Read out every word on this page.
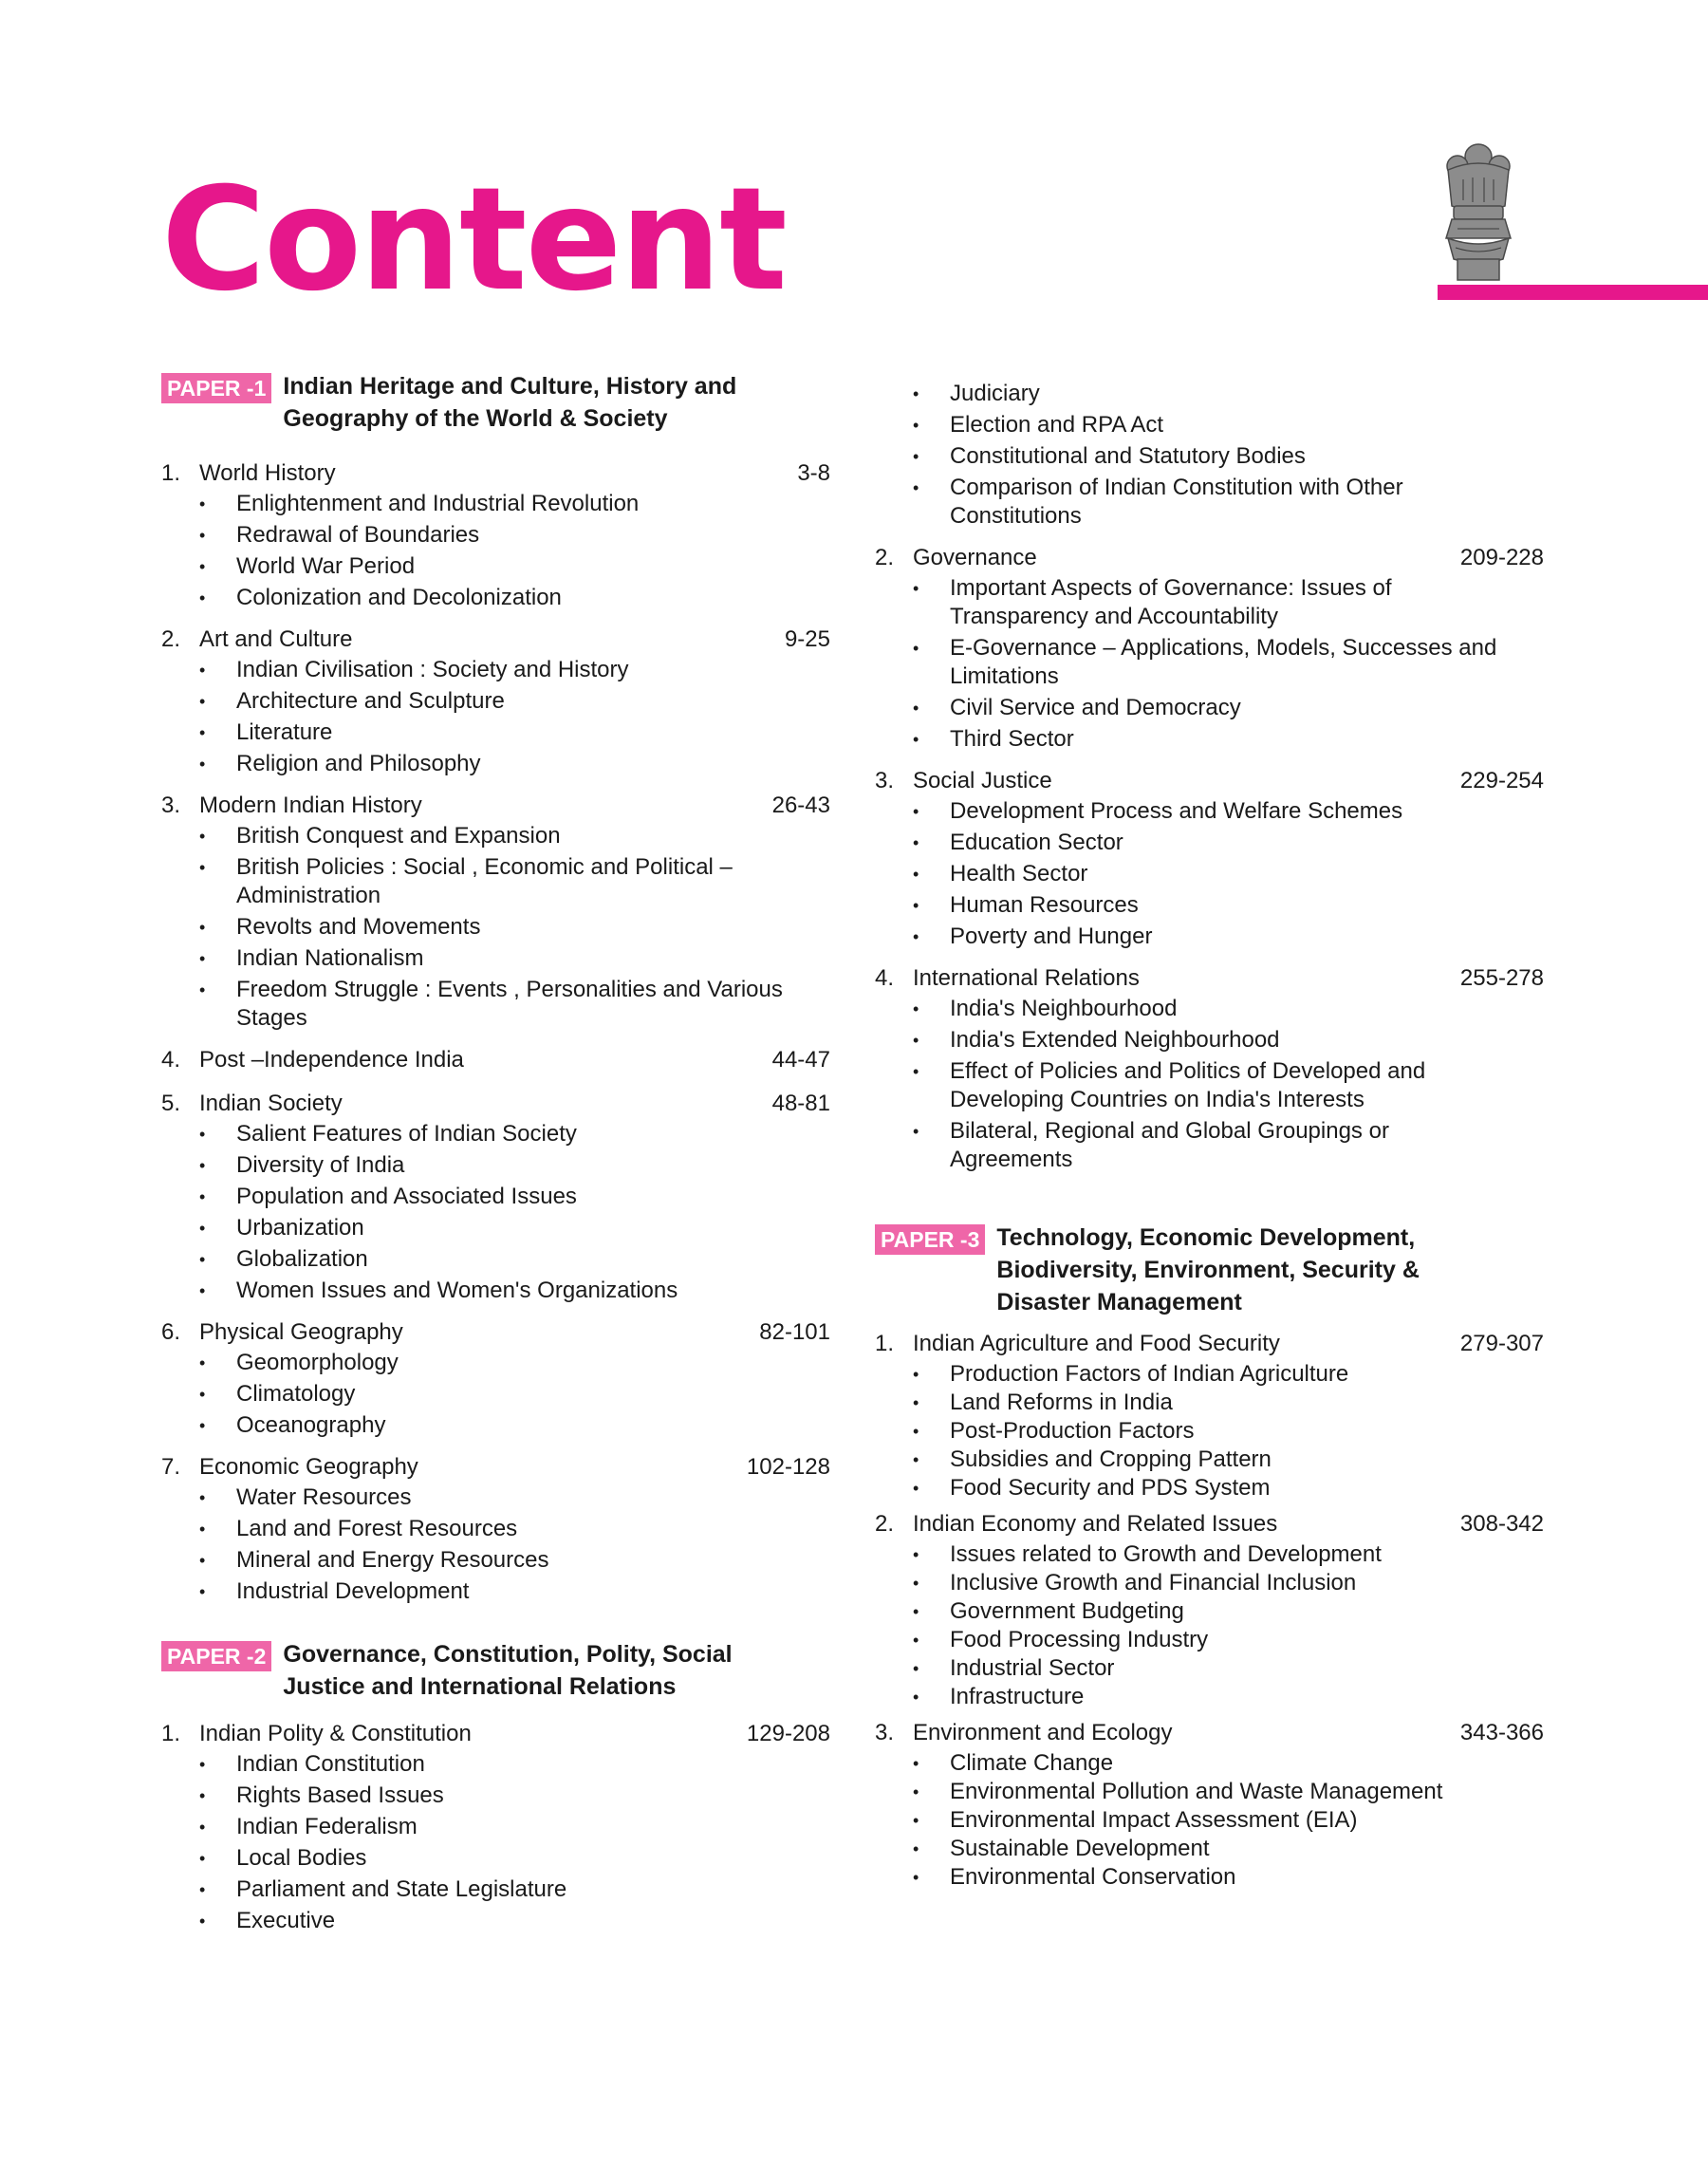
Content
PAPER -1 Indian Heritage and Culture, History and Geography of the World & Society
1. World History	3-8
•	Enlightenment and Industrial Revolution
•	Redrawal of Boundaries
•	World War Period
•	Colonization and Decolonization
2. Art and Culture	9-25
•	Indian Civilisation : Society and History
•	Architecture and Sculpture
•	Literature
•	Religion and Philosophy
3. Modern Indian History	26-43
•	British Conquest and Expansion
•	British Policies : Social , Economic and Political – Administration
•	Revolts and Movements
•	Indian Nationalism
•	Freedom Struggle : Events , Personalities and Various Stages
4. Post –Independence India	44-47
5. Indian Society	48-81
•	Salient Features of Indian Society
•	Diversity of India
•	Population and Associated Issues
•	Urbanization
•	Globalization
•	Women Issues and Women's Organizations
6. Physical Geography	82-101
•	Geomorphology
•	Climatology
•	Oceanography
7. Economic Geography	102-128
•	Water Resources
•	Land and Forest Resources
•	Mineral and Energy Resources
•	Industrial Development
PAPER -2 Governance, Constitution, Polity, Social Justice and International Relations
1. Indian Polity & Constitution	129-208
•	Indian Constitution
•	Rights Based Issues
•	Indian Federalism
•	Local Bodies
•	Parliament and State Legislature
•	Executive
•	Judiciary
•	Election and RPA Act
•	Constitutional and Statutory Bodies
•	Comparison of Indian Constitution with Other Constitutions
2. Governance	209-228
•	Important Aspects of Governance: Issues of Transparency and Accountability
•	E-Governance – Applications, Models, Successes and Limitations
•	Civil Service and Democracy
•	Third Sector
3. Social Justice	229-254
•	Development Process and Welfare Schemes
•	Education Sector
•	Health Sector
•	Human Resources
•	Poverty and Hunger
4. International Relations	255-278
•	India's Neighbourhood
•	India's Extended Neighbourhood
•	Effect of Policies and Politics of Developed and Developing Countries on India's Interests
•	Bilateral, Regional and Global Groupings or Agreements
PAPER -3 Technology, Economic Development, Biodiversity, Environment, Security & Disaster Management
1. Indian Agriculture and Food Security	279-307
•	Production Factors of Indian Agriculture
•	Land Reforms in India
•	Post-Production Factors
•	Subsidies and Cropping Pattern
•	Food Security and PDS System
2. Indian Economy and Related Issues	308-342
•	Issues related to Growth and Development
•	Inclusive Growth and Financial Inclusion
•	Government Budgeting
•	Food Processing Industry
•	Industrial Sector
•	Infrastructure
3. Environment and Ecology	343-366
•	Climate Change
•	Environmental Pollution and Waste Management
•	Environmental Impact Assessment (EIA)
•	Sustainable Development
•	Environmental Conservation
